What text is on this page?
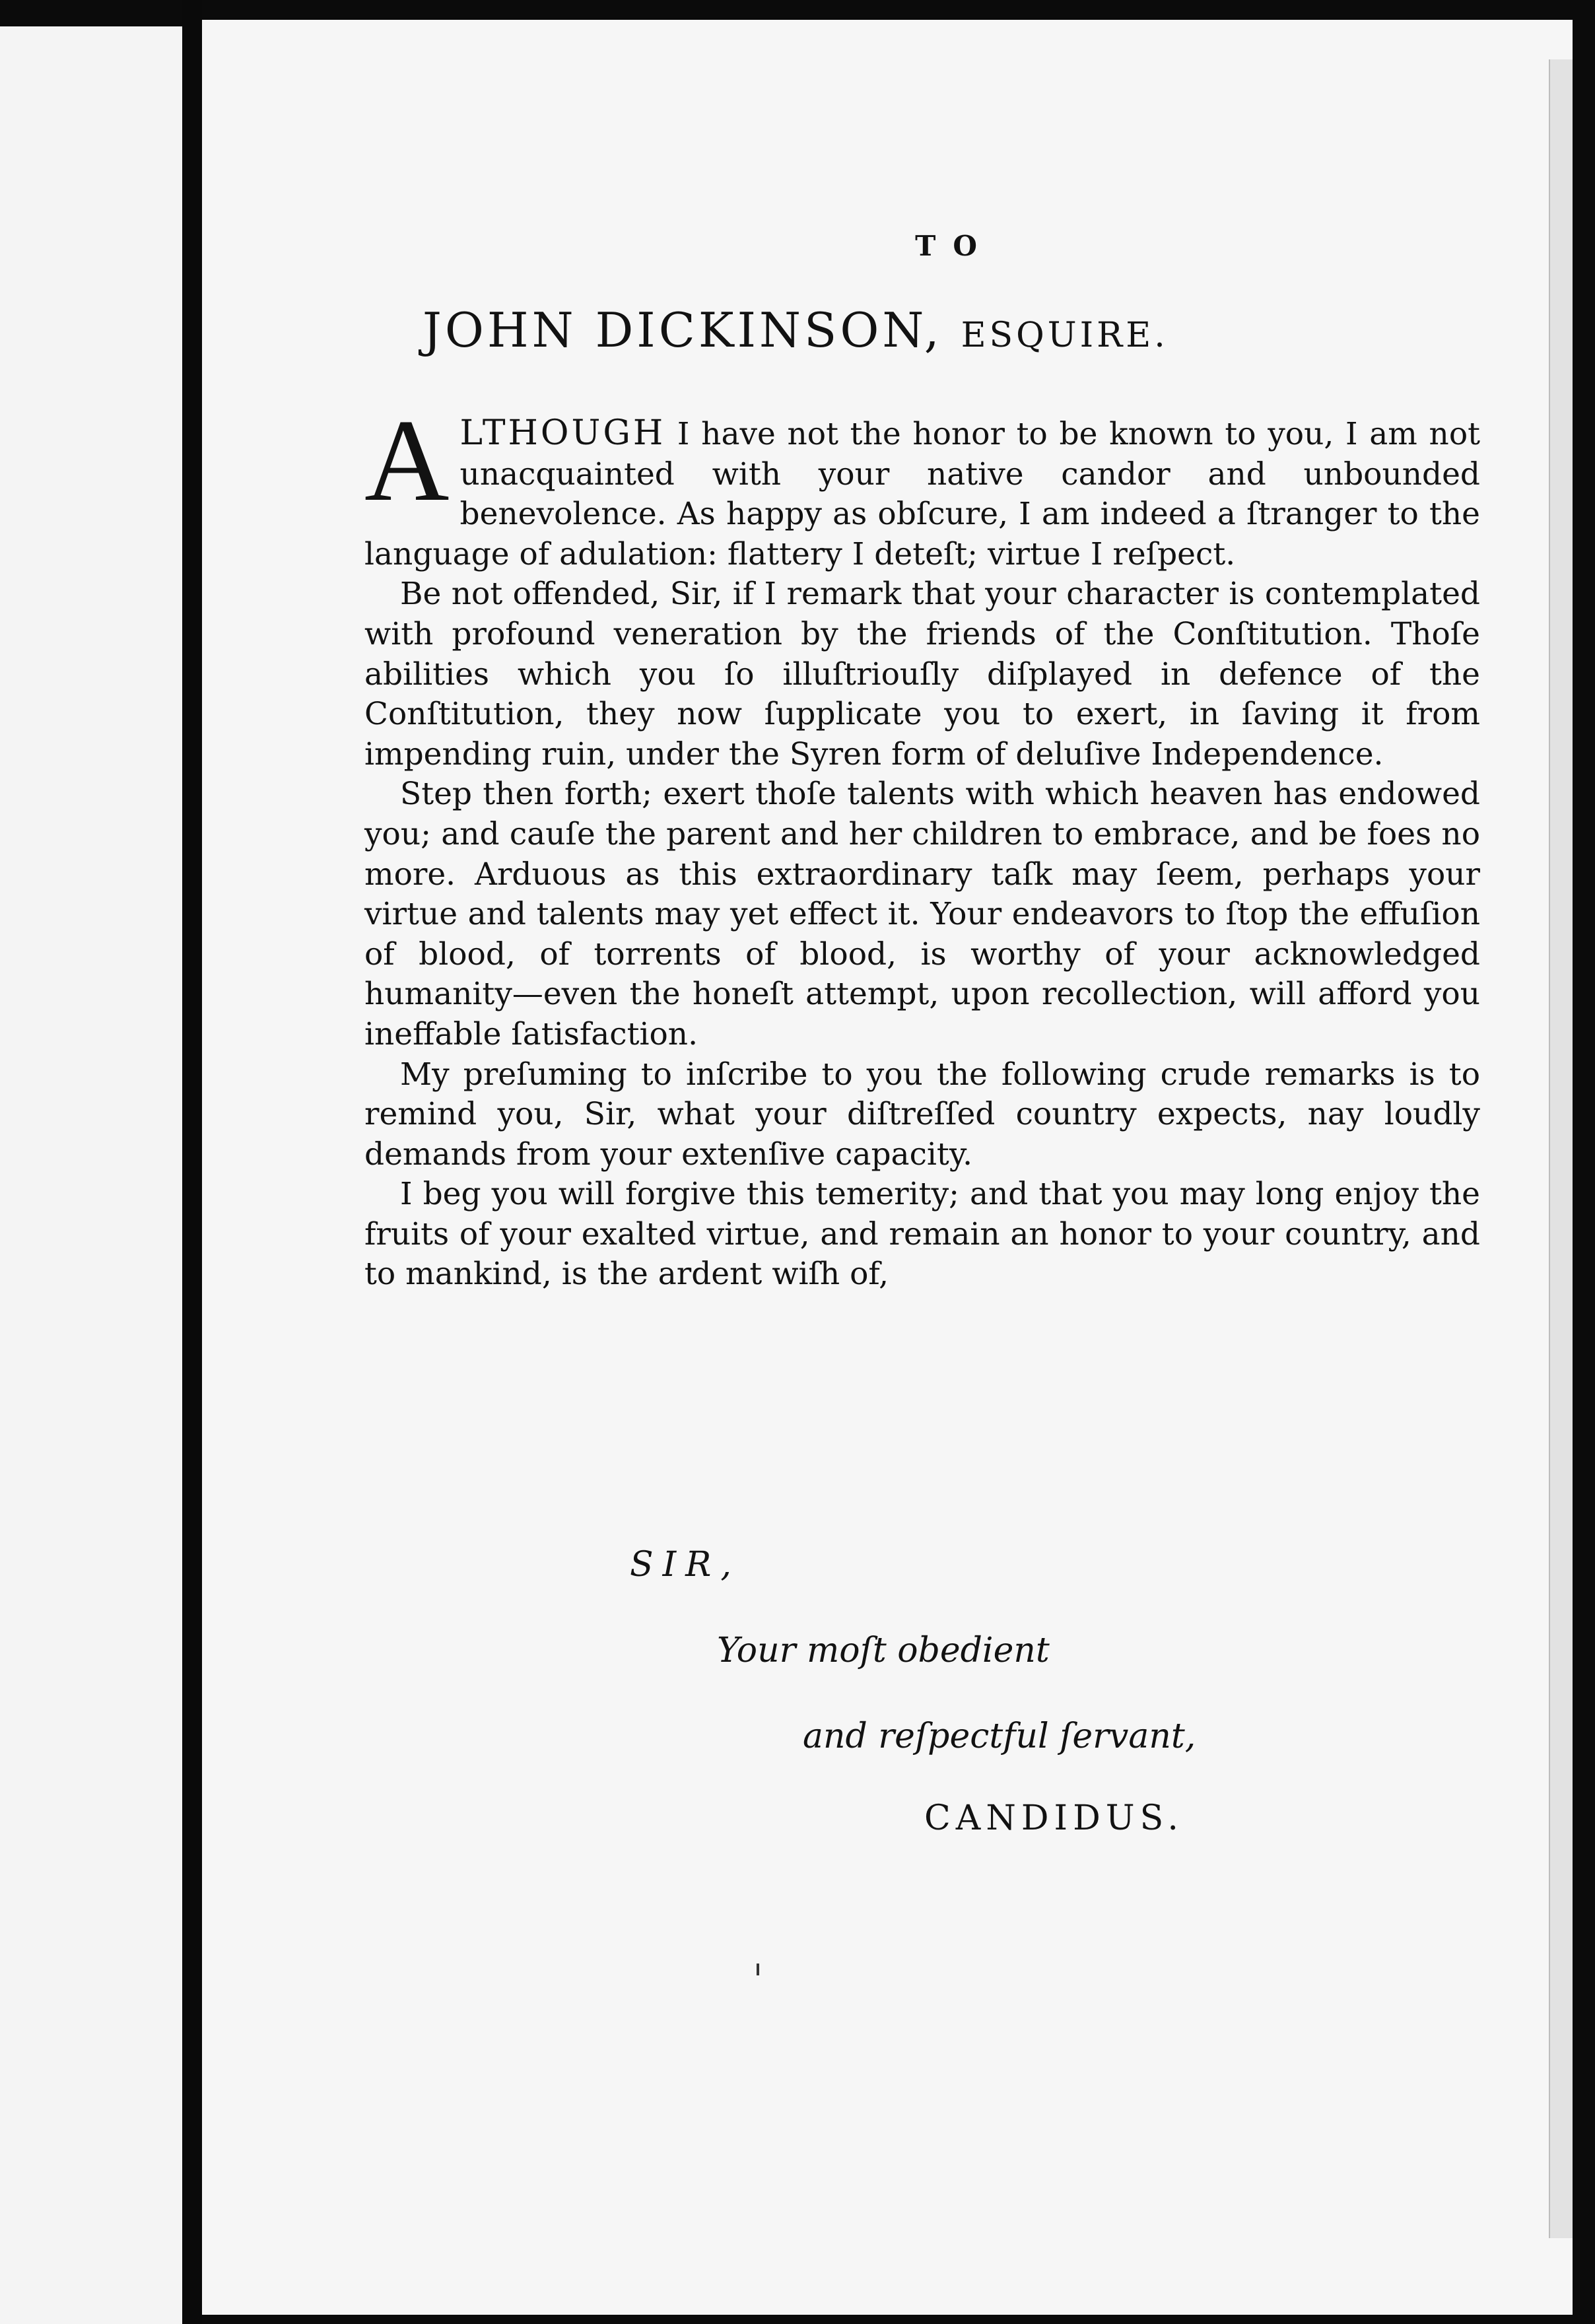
TO
JOHN DICKINSON, ESQUIRE.

ALTHOUGH I have not the honor to be known to you, I am not unacquainted with your native candor and unbounded benevolence. As happy as obſcure, I am indeed a ſtranger to the language of adulation: flattery I deteſt; virtue I reſpect.

Be not offended, Sir, if I remark that your character is contemplated with profound veneration by the friends of the Conſtitution. Thoſe abilities which you ſo illuſtriouſly diſplayed in defence of the Conſtitution, they now ſupplicate you to exert, in ſaving it from impending ruin, under the Syren form of deluſive Independence.

Step then forth; exert thoſe talents with which heaven has endowed you; and cauſe the parent and her children to embrace, and be foes no more. Arduous as this extraordinary taſk may ſeem, perhaps your virtue and talents may yet effect it. Your endeavors to ſtop the effuſion of blood, of torrents of blood, is worthy of your acknowledged humanity—even the honeſt attempt, upon recollection, will afford you ineffable ſatisfaction.

My preſuming to inſcribe to you the following crude remarks is to remind you, Sir, what your diſtreſſed country expects, nay loudly demands from your extenſive capacity.

I beg you will forgive this temerity; and that you may long enjoy the fruits of your exalted virtue, and remain an honor to your country, and to mankind, is the ardent wiſh of,

SIR,

Your moſt obedient

and reſpectful ſervant,

CANDIDUS.
